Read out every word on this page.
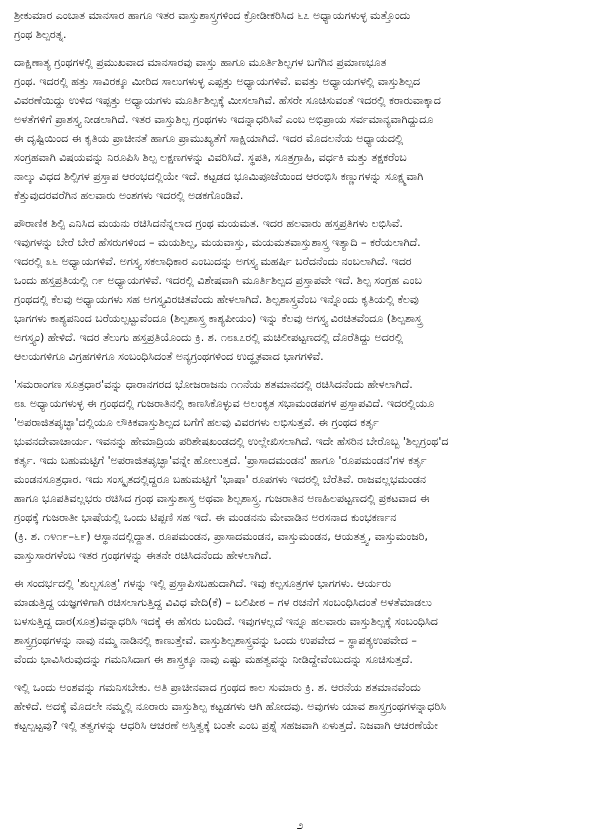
ಶ್ರೀಕುಮಾರ ಎಂಬಾತ ಮಾನಸಾರ ಹಾಗೂ ಇತರ ವಾಸ್ತುಶಾಸ್ತ್ರಗಳಿಂದ ಕ್ರೋಡೀಕರಿಸಿದ ೬೭ ಅಧ್ಯಾಯಗಳುಳ್ಳ ಮತ್ತೊಂದು
ಗ್ರಂಥ ಶಿಲ್ಪರತ್ನ.
ದಾಕ್ಷಿಣಾತ್ಯ ಗ್ರಂಥಗಳಲ್ಲಿ ಪ್ರಮುಖವಾದ ಮಾನಸಾರವು ವಾಸ್ತು ಹಾಗೂ ಮೂರ್ತಿಶಿಲ್ಪಗಳ ಬಗೆಗಿನ ಪ್ರಮಾಣಭೂತ
ಗ್ರಂಥ. ಇದರಲ್ಲಿ ಹತ್ತು ಸಾವಿರಕ್ಕೂ ಮೀರಿದ ಸಾಲುಗಳುಳ್ಳ ಎಪ್ಪತ್ತು ಅಧ್ಯಾಯಗಳಿವೆ. ಐವತ್ತು ಅಧ್ಯಾಯಗಳಲ್ಲಿ ವಾಸ್ತುಶಿಲ್ಪದ
ವಿವರಣೆಯಿದ್ದು ಉಳಿದ ಇಪ್ಪತ್ತು ಅಧ್ಯಾಯಗಳು ಮೂರ್ತಿಶಿಲ್ಪಕ್ಕೆ ಮೀಸಲಾಗಿವೆ. ಹೆಸರೇ ಸೂಚಿಸುವಂತೆ ಇದರಲ್ಲಿ ಕರಾರುವಾಕ್ಕಾದ
ಅಳತೆಗಳಿಗೆ ಪ್ರಾಶಸ್ತ್ಯ ನೀಡಲಾಗಿದೆ. ಇತರ ವಾಸ್ತುಶಿಲ್ಪ ಗ್ರಂಥಗಳು ಇದನ್ನಾಧರಿಸಿವೆ ಎಂಬ ಅಭಿಪ್ರಾಯ ಸರ್ವಮಾನ್ಯವಾಗಿದ್ದುದೂ
ಈ ದೃಷ್ಟಿಯಿಂದ ಈ ಕೃತಿಯ ಪ್ರಾಚೀನತೆ ಹಾಗೂ ಪ್ರಾಮುಖ್ಯತೆಗೆ ಸಾಕ್ಷಿಯಾಗಿದೆ. ಇದರ ಮೊದಲನೆಯ ಅಧ್ಯಾಯದಲ್ಲಿ
ಸಂಗ್ರಹವಾಗಿ ವಿಷಯವನ್ನು ನಿರೂಪಿಸಿ ಶಿಲ್ಪ ಲಕ್ಷಣಗಳನ್ನು ವಿವರಿಸಿದೆ. ಸ್ಥಪತಿ, ಸೂತ್ರಗ್ರಾಹಿ, ವರ್ಧಕಿ ಮತ್ತು ತಕ್ಷಕರೆಂಬ
ನಾಲ್ಕು ವಿಧದ ಶಿಲ್ಪಿಗಳ ಪ್ರಸ್ತಾಪ ಆರಂಭದಲ್ಲಿಯೇ ಇದೆ. ಕಟ್ಟಡದ ಭೂಮಿಪೂಜೆಯಿಂದ ಆರಂಭಿಸಿ ಕಣ್ಣುಗಳನ್ನು ಸೂಕ್ಷ್ಮವಾಗಿ
ಕೆತ್ತುವುದರವರೆಗಿನ ಹಲವಾರು ಅಂಶಗಳು ಇದರಲ್ಲಿ ಅಡಕಗೊಂಡಿವೆ.
ಪೌರಾಣಿಕ ಶಿಲ್ಪಿ ಎನಿಸಿದ ಮಯನು ರಚಿಸಿದನೆನ್ನಲಾದ ಗ್ರಂಥ ಮಯಮತ. ಇದರ ಹಲವಾರು ಹಸ್ತಪ್ರತಿಗಳು ಲಭಿಸಿವೆ.
ಇವುಗಳನ್ನು ಬೇರೆ ಬೇರೆ ಹೆಸರುಗಳಿಂದ – ಮಯಶಿಲ್ಪ, ಮಯವಾಸ್ತು, ಮಯಮತವಾಸ್ತುಶಾಸ್ತ್ರ ಇತ್ಯಾದಿ – ಕರೆಯಲಾಗಿದೆ.
ಇದರಲ್ಲಿ ೩೬ ಅಧ್ಯಾಯಗಳಿವೆ. ಅಗಸ್ತ್ಯ ಸಕಲಾಧಿಕಾರ ಎಂಬುದನ್ನು ಅಗಸ್ತ್ಯ ಮಹರ್ಷಿ ಬರೆದನೆಂದು ನಂಬಲಾಗಿದೆ. ಇದರ
ಒಂದು ಹಸ್ತಪ್ರತಿಯಲ್ಲಿ ೧೯ ಅಧ್ಯಾಯಗಳಿವೆ. ಇದರಲ್ಲಿ ವಿಶೇಷವಾಗಿ ಮೂರ್ತಿಶಿಲ್ಪದ ಪ್ರಸ್ತಾಪವೇ ಇದೆ. ಶಿಲ್ಪ ಸಂಗ್ರಹ ಎಂಬ
ಗ್ರಂಥದಲ್ಲಿ ಕೆಲವು ಅಧ್ಯಾಯಗಳು ಸಹ ಅಗಸ್ತ್ಯವಿರಚಿತವೆಂದು ಹೇಳಲಾಗಿದೆ. ಶಿಲ್ಪಶಾಸ್ತ್ರವೆಂಬ ಇನ್ನೊಂದು ಕೃತಿಯಲ್ಲಿ ಕೆಲವು
ಭಾಗಗಳು ಕಾಶ್ಯಪನಿಂದ ಬರೆಯಲ್ಪಟ್ಟುವೆಂದೂ (ಶಿಲ್ಪಶಾಸ್ತ್ರ ಕಾಶ್ಯಪೀಯಂ) ಇನ್ನು ಕೆಲವು ಅಗಸ್ತ್ಯ ವಿರಚಿತವೆಂದೂ (ಶಿಲ್ಪಶಾಸ್ತ್ರ
ಅಗಸ್ತ್ಯಂ) ಹೇಳಿದೆ. ಇದರ ತೆಲುಗು ಹಸ್ತಪ್ರತಿಯೊಂದು ಕ್ರಿ. ಶ. ೧೮೩೭ರಲ್ಲಿ ಮಚಿಲೀಪಟ್ಟಣದಲ್ಲಿ ದೊರೆತಿದ್ದು ಅದರಲ್ಲಿ
ಆಲಯಗಳಿಗೂ ವಿಗ್ರಹಗಳಿಗೂ ಸಂಬಂಧಿಸಿದಂತೆ ಅನ್ಯಗ್ರಂಥಗಳಿಂದ ಉದ್ಧೃತವಾದ ಭಾಗಗಳಿವೆ.
'ಸಮರಾಂಗಣ ಸೂತ್ರಧಾರ'ವನ್ನು ಧಾರಾನಗರದ ಭೋಜರಾಜನು ೧೧ನೆಯ ಶತಮಾನದಲ್ಲಿ ರಚಿಸಿದನೆಂದು ಹೇಳಲಾಗಿದೆ.
೮೩ ಅಧ್ಯಾಯಗಳುಳ್ಳ ಈ ಗ್ರಂಥದಲ್ಲಿ ಗುಜರಾತಿನಲ್ಲಿ ಕಾಣಸಿಕೊಳ್ಳುವ ಅಲಂಕೃತ ಸಭಾಮಂಡಪಗಳ ಪ್ರಸ್ತಾಪವಿದೆ. ಇದರಲ್ಲಿಯೂ
'ಅಪರಾಜಿತಪೃಚ್ಛಾ'ದಲ್ಲಿಯೂ ಲೌಕಿಕವಾಸ್ತುಶಿಲ್ಪದ ಬಗೆಗೆ ಹಲವು ವಿವರಗಳು ಲಭಿಸುತ್ತವೆ. ಈ ಗ್ರಂಥದ ಕರ್ತೃ
ಭುವನದೇವಾಚಾರ್ಯ. ಇವನನ್ನು ಹೇಮಾದ್ರಿಯ ಪರಿಶೇಷಖಂಡದಲ್ಲಿ ಉಲ್ಲೇಖಿಸಲಾಗಿದೆ. ಇದೇ ಹೆಸರಿನ ಬೇರೊಬ್ಬ 'ಶಿಲ್ಪಗ್ರಂಥ'ದ
ಕರ್ತೃ. ಇದು ಬಹುಮಟ್ಟಿಗೆ 'ಅಪರಾಜಿತಪೃಚ್ಛಾ'ವನ್ನೇ ಹೋಲುತ್ತದೆ. 'ಪ್ರಾಸಾದಮಂಡನ' ಹಾಗೂ 'ರೂಪಮಂಡನ'ಗಳ ಕರ್ತೃ
ಮಂಡನಸೂತ್ರಧಾರ. ಇದು ಸಂಸ್ಕೃತದಲ್ಲಿದ್ದರೂ ಬಹುಮಟ್ಟಿಗೆ 'ಭಾಷಾ' ರೂಪಗಳು ಇದರಲ್ಲಿ ಬೆರೆತಿವೆ. ರಾಜವಲ್ಲಭಮಂಡನ
ಹಾಗೂ ಭೂಪತಿವಲ್ಲಭರು ರಚಿಸಿದ ಗ್ರಂಥ ವಾಸ್ತುಶಾಸ್ತ್ರ ಅಥವಾ ಶಿಲ್ಪಶಾಸ್ತ್ರ. ಗುಜರಾತಿನ ಅಣಹಿಲಪಟ್ಟಣದಲ್ಲಿ ಪ್ರಕಟವಾದ ಈ
ಗ್ರಂಥಕ್ಕೆ ಗುಜರಾತೀ ಭಾಷೆಯಲ್ಲಿ ಒಂದು ಟಿಪ್ಪಣಿ ಸಹ ಇದೆ. ಈ ಮಂಡನನು ಮೇವಾಡಿನ ಅರಸನಾದ ಕುಂಭಕರ್ಣನ
(ಕ್ರಿ. ಶ. ೧೪೧೯–೬೯) ಆಸ್ಥಾನದಲ್ಲಿದ್ದಾತ. ರೂಪಮಂಡನ, ಪ್ರಾಸಾದಮಂಡನ, ವಾಸ್ತುಮಂಡನ, ಆಯತತ್ತ್ವ, ವಾಸ್ತುಮಂಜರಿ,
ವಾಸ್ತುಸಾರಗಳೆಂಬ ಇತರ ಗ್ರಂಥಗಳನ್ನು ಈತನೇ ರಚಿಸಿದನೆಂದು ಹೇಳಲಾಗಿದೆ.
ಈ ಸಂದರ್ಭದಲ್ಲಿ 'ಶುಲ್ಬಸೂತ್ರ' ಗಳನ್ನು ಇಲ್ಲಿ ಪ್ರಸ್ತಾಪಿಸಬಹುದಾಗಿದೆ. ಇವು ಕಲ್ಪಸೂತ್ರಗಳ ಭಾಗಗಳು. ಆರ್ಯರು
ಮಾಡುತ್ತಿದ್ದ ಯಜ್ಞಗಳಿಗಾಗಿ ರಚಿಸಲಾಗುತ್ತಿದ್ದ ವಿವಿಧ ವೇದಿ(ಕೆ) – ಬಲಿಪೀಠ – ಗಳ ರಚನೆಗೆ ಸಂಬಂಧಿಸಿದಂತೆ ಅಳತೆಮಾಡಲು
ಬಳಸುತ್ತಿದ್ದ ದಾರ(ಸೂತ್ರ)ವನ್ನಾಧರಿಸಿ ಇದಕ್ಕೆ ಈ ಹೆಸರು ಬಂದಿದೆ. ಇವುಗಳಲ್ಲದೆ ಇನ್ನೂ ಹಲವಾರು ವಾಸ್ತುಶಿಲ್ಪಕ್ಕೆ ಸಂಬಂಧಿಸಿದ
ಶಾಸ್ತ್ರಗ್ರಂಥಗಳನ್ನು ನಾವು ನಮ್ಮ ನಾಡಿನಲ್ಲಿ ಕಾಣುತ್ತೇವೆ. ವಾಸ್ತುಶಿಲ್ಪಶಾಸ್ತ್ರವನ್ನು ಒಂದು ಉಪವೇದ – ಸ್ಥಾಪತ್ಯಉಪವೇದ –
ವೆಂದು ಭಾವಿಸಿರುವುದನ್ನು ಗಮನಿಸಿದಾಗ ಈ ಶಾಸ್ತ್ರಕ್ಕೂ ನಾವು ಎಷ್ಟು ಮಹತ್ವವನ್ನು ನೀಡಿದ್ದೇವೆಂಬುದನ್ನು ಸೂಚಿಸುತ್ತದೆ.
ಇಲ್ಲಿ ಒಂದು ಅಂಶವನ್ನು ಗಮನಿಸಬೇಕು. ಅತಿ ಪ್ರಾಚೀನವಾದ ಗ್ರಂಥದ ಕಾಲ ಸುಮಾರು ಕ್ರಿ. ಶ. ಆರನೆಯ ಶತಮಾನವೆಂದು
ಹೇಳಿದೆ. ಅದಕ್ಕೆ ಮೊದಲೇ ನಮ್ಮಲ್ಲಿ ನೂರಾರು ವಾಸ್ತುಶಿಲ್ಪ ಕಟ್ಟಡಗಳು ಆಗಿ ಹೋದವು. ಅವುಗಳು ಯಾವ ಶಾಸ್ತ್ರಗ್ರಂಥಗಳನ್ನಾಧರಿಸಿ
ಕಟ್ಟಲ್ಪಟ್ಟವು? ಇಲ್ಲಿ ತತ್ವಗಳನ್ನು ಆಧರಿಸಿ ಆಚರಣೆ ಅಸ್ತಿತ್ವಕ್ಕೆ ಬಂತೇ ಎಂಬ ಪ್ರಶ್ನೆ ಸಹಜವಾಗಿ ಏಳುತ್ತದೆ. ನಿಜವಾಗಿ ಆಚರಣೆಯೇ
೨
